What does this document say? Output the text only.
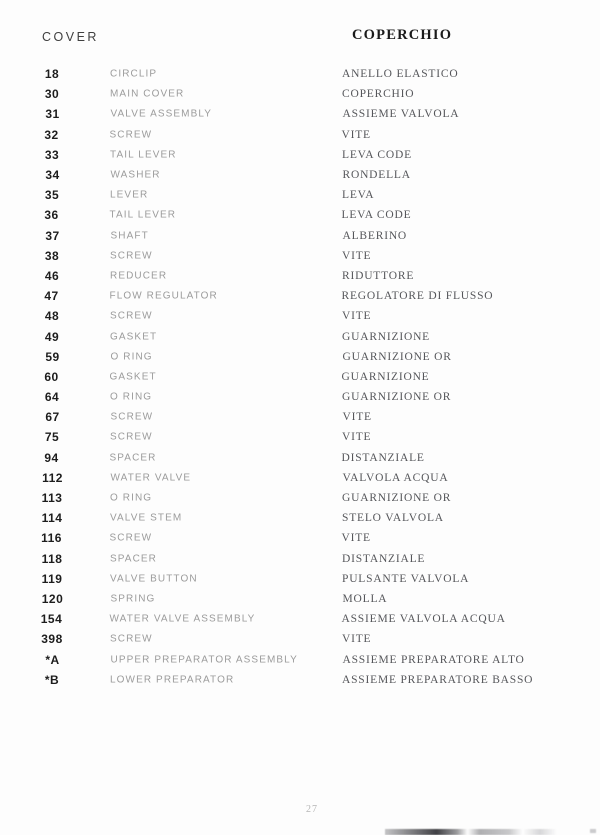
COVER	COPERCHIO
18	CIRCLIP	ANELLO ELASTICO
30	MAIN COVER	COPERCHIO
31	VALVE ASSEMBLY	ASSIEME VALVOLA
32	SCREW	VITE
33	TAIL LEVER	LEVA CODE
34	WASHER	RONDELLA
35	LEVER	LEVA
36	TAIL LEVER	LEVA CODE
37	SHAFT	ALBERINO
38	SCREW	VITE
46	REDUCER	RIDUTTORE
47	FLOW REGULATOR	REGOLATORE DI FLUSSO
48	SCREW	VITE
49	GASKET	GUARNIZIONE
59	O RING	GUARNIZIONE OR
60	GASKET	GUARNIZIONE
64	O RING	GUARNIZIONE OR
67	SCREW	VITE
75	SCREW	VITE
94	SPACER	DISTANZIALE
112	WATER VALVE	VALVOLA ACQUA
113	O RING	GUARNIZIONE OR
114	VALVE STEM	STELO VALVOLA
116	SCREW	VITE
118	SPACER	DISTANZIALE
119	VALVE BUTTON	PULSANTE VALVOLA
120	SPRING	MOLLA
154	WATER VALVE ASSEMBLY	ASSIEME VALVOLA ACQUA
398	SCREW	VITE
*A	UPPER PREPARATOR ASSEMBLY	ASSIEME PREPARATORE ALTO
*B	LOWER PREPARATOR	ASSIEME PREPARATORE BASSO
27
